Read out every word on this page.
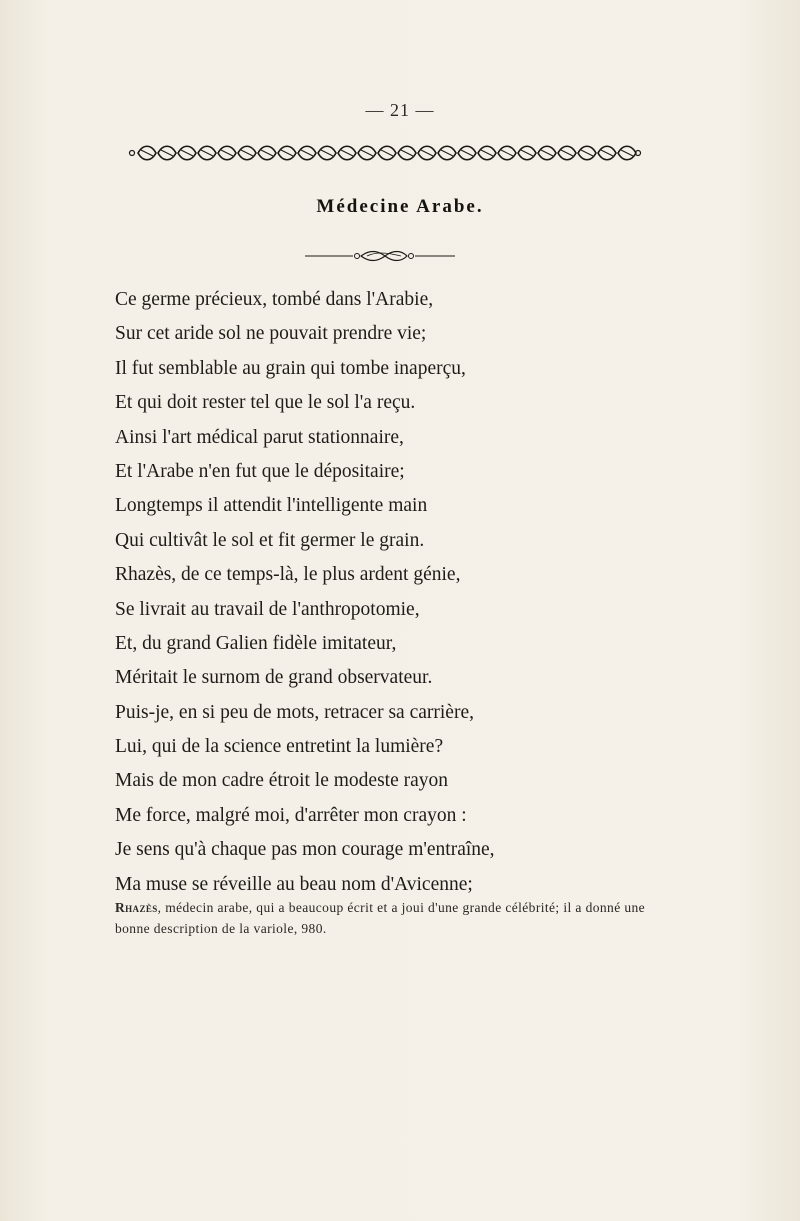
— 21 —
Médecine Arabe.
Ce germe précieux, tombé dans l'Arabie,
Sur cet aride sol ne pouvait prendre vie;
Il fut semblable au grain qui tombe inaperçu,
Et qui doit rester tel que le sol l'a reçu.
Ainsi l'art médical parut stationnaire,
Et l'Arabe n'en fut que le dépositaire;
Longtemps il attendit l'intelligente main
Qui cultivât le sol et fit germer le grain.
Rhazès, de ce temps-là, le plus ardent génie,
Se livrait au travail de l'anthropotomie,
Et, du grand Galien fidèle imitateur,
Méritait le surnom de grand observateur.
Puis-je, en si peu de mots, retracer sa carrière,
Lui, qui de la science entretint la lumière?
Mais de mon cadre étroit le modeste rayon
Me force, malgré moi, d'arrêter mon crayon :
Je sens qu'à chaque pas mon courage m'entraîne,
Ma muse se réveille au beau nom d'Avicenne;
Rhazès, médecin arabe, qui a beaucoup écrit et a joui d'une grande célébrité; il a donné une bonne description de la variole, 980.
